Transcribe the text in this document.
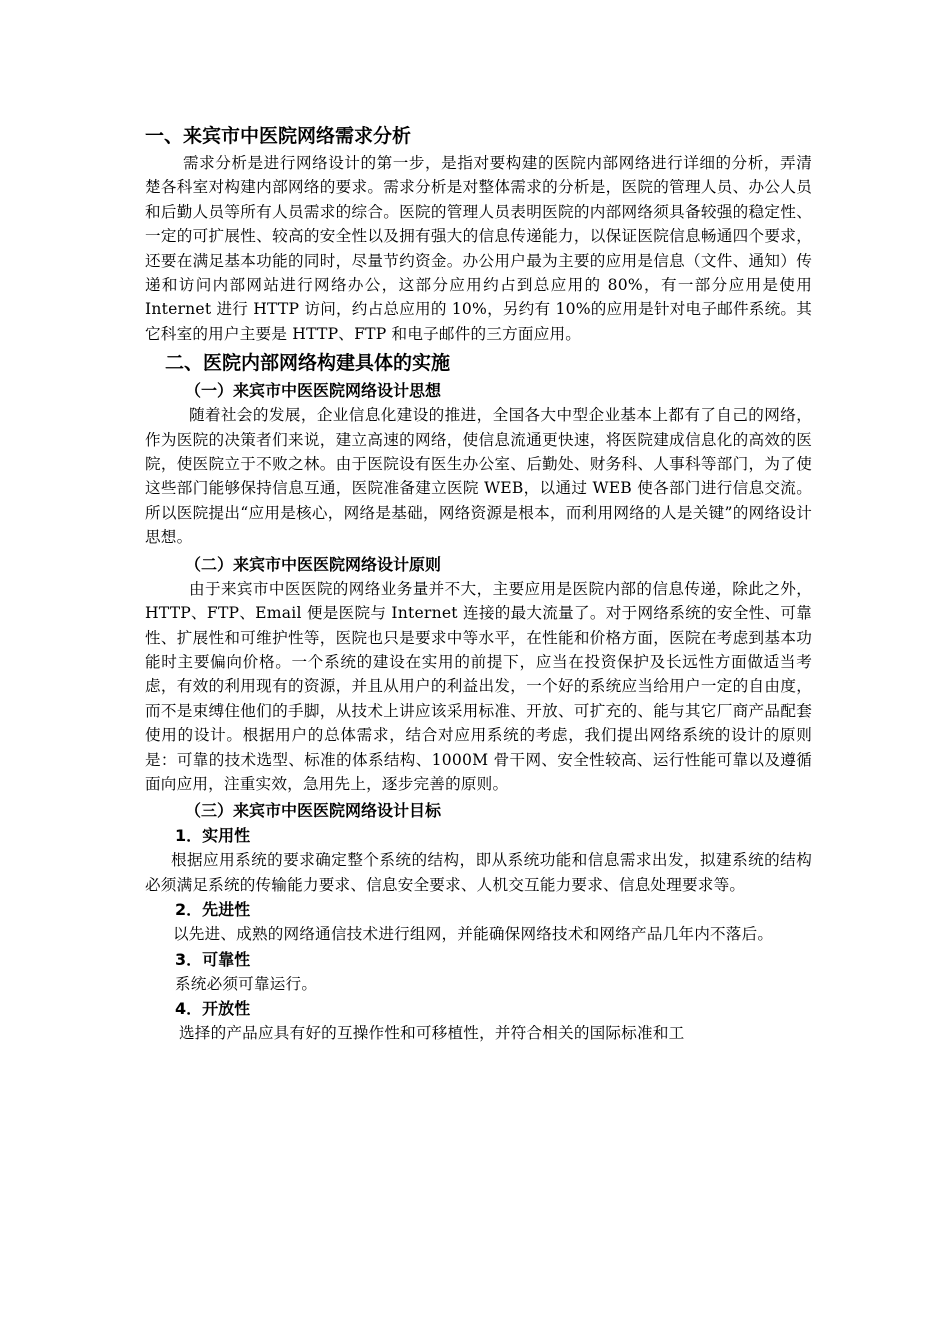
一、来宾市中医院网络需求分析

需求分析是进行网络设计的第一步，是指对要构建的医院内部网络进行详细的分析，弄清楚各科室对构建内部网络的要求。需求分析是对整体需求的分析是，医院的管理人员、办公人员和后勤人员等所有人员需求的综合。医院的管理人员表明医院的内部网络须具备较强的稳定性、一定的可扩展性、较高的安全性以及拥有强大的信息传递能力，以保证医院信息畅通四个要求，还要在满足基本功能的同时，尽量节约资金。办公用户最为主要的应用是信息（文件、通知）传递和访问内部网站进行网络办公，这部分应用约占到总应用的 80%，有一部分应用是使用 Internet 进行 HTTP 访问，约占总应用的 10%，另约有 10%的应用是针对电子邮件系统。其它科室的用户主要是 HTTP、FTP 和电子邮件的三方面应用。

二、医院内部网络构建具体的实施
（一）来宾市中医医院网络设计思想

随着社会的发展，企业信息化建设的推进，全国各大中型企业基本上都有了自己的网络，作为医院的决策者们来说，建立高速的网络，使信息流通更快速，将医院建成信息化的高效的医院，使医院立于不败之林。由于医院设有医生办公室、后勤处、财务科、人事科等部门，为了使这些部门能够保持信息互通，医院准备建立医院 WEB，以通过 WEB 使各部门进行信息交流。所以医院提出“应用是核心，网络是基础，网络资源是根本，而利用网络的人是关键”的网络设计思想。

（二）来宾市中医医院网络设计原则

由于来宾市中医医院的网络业务量并不大，主要应用是医院内部的信息传递，除此之外，HTTP、FTP、Email 便是医院与 Internet 连接的最大流量了。对于网络系统的安全性、可靠性、扩展性和可维护性等，医院也只是要求中等水平，在性能和价格方面，医院在考虑到基本功能时主要偏向价格。一个系统的建设在实用的前提下，应当在投资保护及长远性方面做适当考虑，有效的利用现有的资源，并且从用户的利益出发，一个好的系统应当给用户一定的自由度，而不是束缚住他们的手脚，从技术上讲应该采用标准、开放、可扩充的、能与其它厂商产品配套使用的设计。根据用户的总体需求，结合对应用系统的考虑，我们提出网络系统的设计的原则是：可靠的技术选型、标准的体系结构、1000M 骨干网、安全性较高、运行性能可靠以及遵循面向应用，注重实效，急用先上，逐步完善的原则。

（三）来宾市中医医院网络设计目标
1．实用性

根据应用系统的要求确定整个系统的结构，即从系统功能和信息需求出发，拟建系统的结构必须满足系统的传输能力要求、信息安全要求、人机交互能力要求、信息处理要求等。

2．先进性

以先进、成熟的网络通信技术进行组网，并能确保网络技术和网络产品几年内不落后。

3．可靠性

系统必须可靠运行。

4．开放性

选择的产品应具有好的互操作性和可移植性，并符合相关的国际标准和工
